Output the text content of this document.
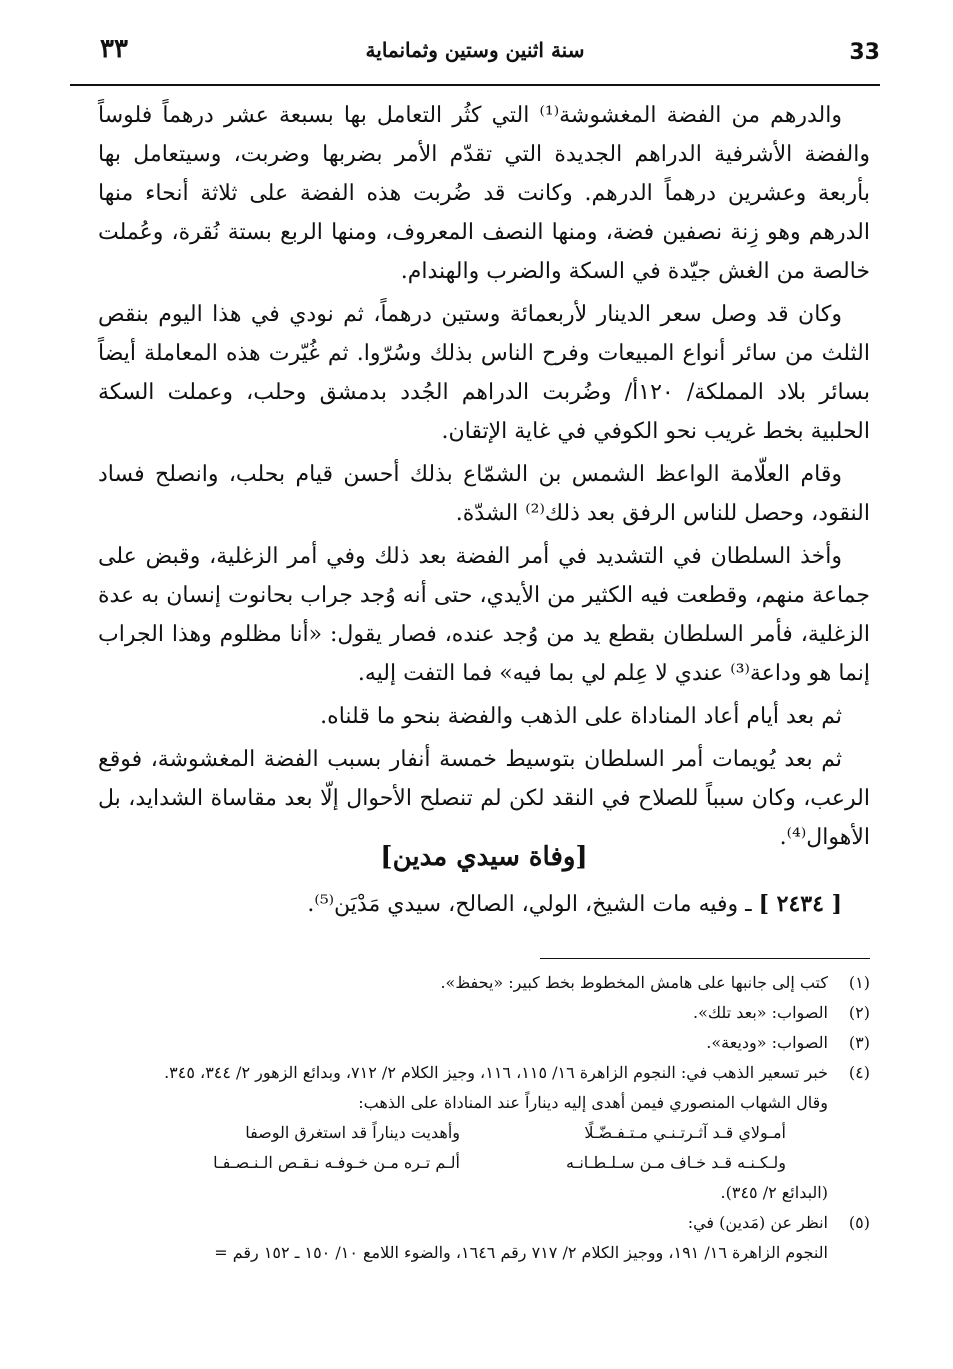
33
سنة اثنين وستين وثمانماية
٣٣

والدرهم من الفضة المغشوشة⁽¹⁾ التي كثُر التعامل بها بسبعة عشر درهماً فلوساً والفضة الأشرفية الدراهم الجديدة التي تقدّم الأمر بضربها وضربت، وسيتعامل بها بأربعة وعشرين درهماً الدرهم. وكانت قد ضُربت هذه الفضة على ثلاثة أنحاء منها الدرهم وهو زِنة نصفين فضة، ومنها النصف المعروف، ومنها الربع بستة نُقرة، وعُملت خالصة من الغش جيّدة في السكة والضرب والهندام.

وكان قد وصل سعر الدينار لأربعمائة وستين درهماً، ثم نودي في هذا اليوم بنقص الثلث من سائر أنواع المبيعات وفرح الناس بذلك وسُرّوا. ثم غُيّرت هذه المعاملة أيضاً بسائر بلاد المملكة/ ١٢٠أ/ وضُربت الدراهم الجُدد بدمشق وحلب، وعملت السكة الحلبية بخط غريب نحو الكوفي في غاية الإتقان.

وقام العلّامة الواعظ الشمس بن الشمّاع بذلك أحسن قيام بحلب، وانصلح فساد النقود، وحصل للناس الرفق بعد ذلك⁽²⁾ الشدّة.

وأخذ السلطان في التشديد في أمر الفضة بعد ذلك وفي أمر الزغلية، وقبض على جماعة منهم، وقطعت فيه الكثير من الأيدي، حتى أنه وُجد جراب بحانوت إنسان به عدة الزغلية، فأمر السلطان بقطع يد من وُجد عنده، فصار يقول: «أنا مظلوم وهذا الجراب إنما هو وداعة⁽³⁾ عندي لا عِلم لي بما فيه» فما التفت إليه.

ثم بعد أيام أعاد المناداة على الذهب والفضة بنحو ما قلناه.

ثم بعد يُويمات أمر السلطان بتوسيط خمسة أنفار بسبب الفضة المغشوشة، فوقع الرعب، وكان سبباً للصلاح في النقد لكن لم تنصلح الأحوال إلّا بعد مقاساة الشدايد، بل الأهوال⁽⁴⁾.

[وفاة سيدي مدين]
[ ٢٤٣٤ ] ـ وفيه مات الشيخ، الولي، الصالح، سيدي مَدْيَن⁽⁵⁾.
(١)
كتب إلى جانبها على هامش المخطوط بخط كبير: «يحفظ».
(٢)
الصواب: «بعد تلك».
(٣)
الصواب: «وديعة».
(٤)
خبر تسعير الذهب في: النجوم الزاهرة ١٦/ ١١٥، ١١٦، وجيز الكلام ٢/ ٧١٢، وبدائع الزهور ٢/ ٣٤٤، ٣٤٥.
وقال الشهاب المنصوري فيمن أهدى إليه ديناراً عند المناداة على الذهب:
أمـولاي قـد آثـرتـنـي مـتـفـضّـلًا
وأهديت ديناراً قد استغرق الوصفا
ولـكـنـه قـد خـاف مـن سـلـطـانـه
ألـم تـره مـن خـوفـه نـقـص الـنـصـفـا
(البدائع ٢/ ٣٤٥).
(٥)
انظر عن (مَدين) في:
النجوم الزاهرة ١٦/ ١٩١، ووجيز الكلام ٢/ ٧١٧ رقم ١٦٤٦، والضوء اللامع ١٠/ ١٥٠ ـ ١٥٢ رقم =
